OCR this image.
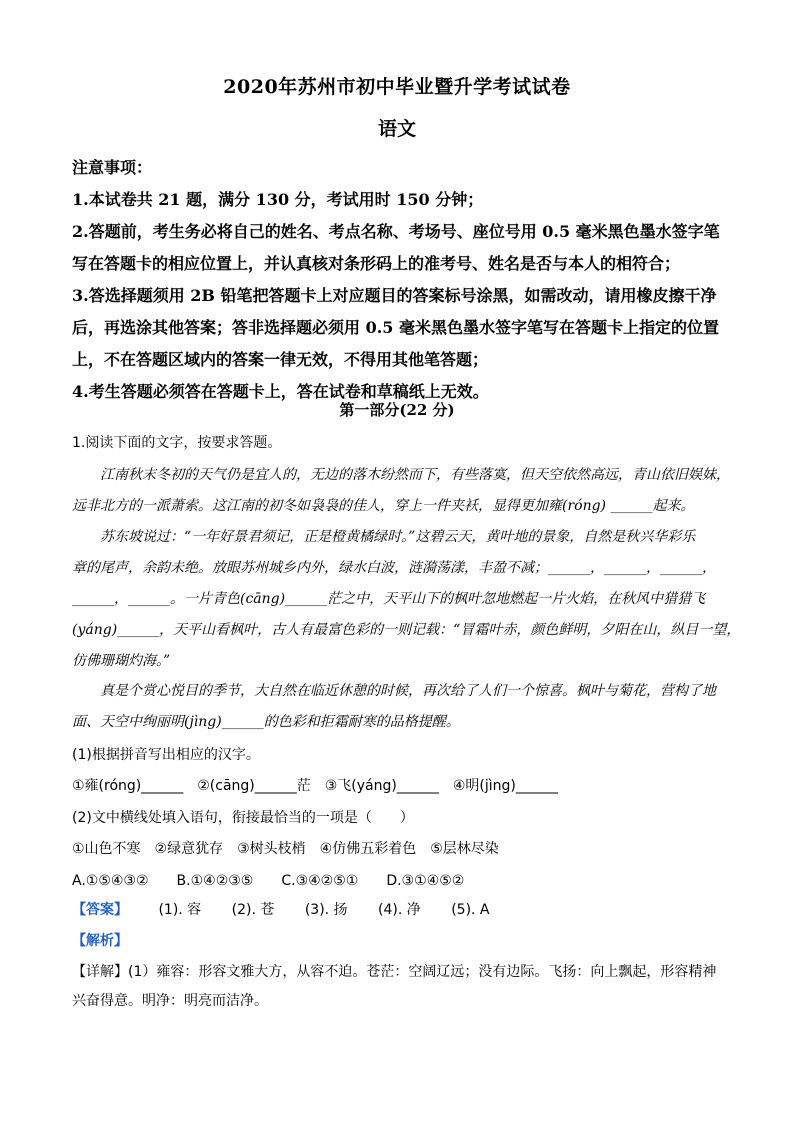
2020年苏州市初中毕业暨升学考试试卷
语文
注意事项：
1.本试卷共 21 题，满分 130 分，考试用时 150 分钟；
2.答题前，考生务必将自己的姓名、考点名称、考场号、座位号用 0.5 毫米黑色墨水签字笔
写在答题卡的相应位置上，并认真核对条形码上的准考号、姓名是否与本人的相符合；
3.答选择题须用 2B 铅笔把答题卡上对应题目的答案标号涂黑，如需改动，请用橡皮擦干净
后，再选涂其他答案；答非选择题必须用 0.5 毫米黑色墨水签字笔写在答题卡上指定的位置
上，不在答题区域内的答案一律无效，不得用其他笔答题；
4.考生答题必须答在答题卡上，答在试卷和草稿纸上无效。
第一部分(22 分)
1.阅读下面的文字，按要求答题。
　　江南秋末冬初的天气仍是宜人的，无边的落木纷然而下，有些落寞，但天空依然高远，青山依旧娱妹，
远非北方的一派萧索。这江南的初冬如袅袅的佳人，穿上一件夹袄，显得更加雍(róng) ______起来。
　　苏东坡说过：“一年好景君须记，正是橙黄橘绿时。”这碧云天，黄叶地的景象，自然是秋兴华彩乐
章的尾声，余韵未绝。放眼苏州城乡内外，绿水白波，涟漪荡漾，丰盈不减；______，______，______，
______，______。一片青色(cāng)______茫之中，天平山下的枫叶忽地燃起一片火焰，在秋风中猎猎飞
(yáng)______，天平山看枫叶，古人有最富色彩的一则记载：“冒霜叶赤，颜色鲜明，夕阳在山，纵目一望，
仿佛珊瑚灼海。”
　　真是个赏心悦目的季节，大自然在临近休憩的时候，再次给了人们一个惊喜。枫叶与菊花，营构了地
面、天空中绚丽明(jìng)______的色彩和拒霜耐寒的品格提醒。
(1)根据拼音写出相应的汉字。
①雍(róng)______　②(cāng)______茫　③飞(yáng)______　④明(jìng)______
(2)文中横线处填入语句，衔接最恰当的一项是（　　）
①山色不寒　②绿意犹存　③树头枝梢　④仿佛五彩着色　⑤层林尽染
A.①⑤④③②　　B.①④②③⑤　　C.③④②⑤①　　D.③①④⑤②
【答案】 (1). 容 (2). 苍 (3). 扬 (4). 净 (5). A
【解析】
【详解】(1）雍容：形容文雅大方，从容不迫。苍茫：空阔辽远；没有边际。飞扬：向上飘起，形容精神
兴奋得意。明净：明亮而洁净。
